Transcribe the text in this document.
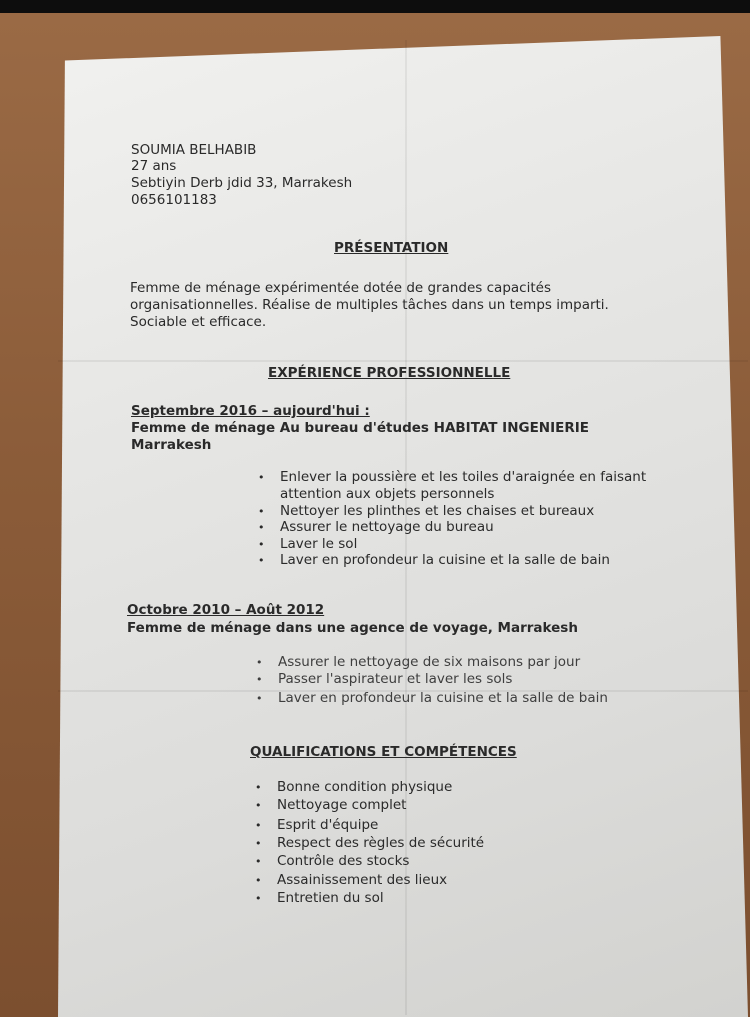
SOUMIA BELHABIB
27 ans
Sebtiyin Derb jdid 33, Marrakesh
0656101183
PRÉSENTATION
Femme de ménage expérimentée dotée de grandes capacités
organisationnelles. Réalise de multiples tâches dans un temps imparti.
Sociable et efficace.
EXPÉRIENCE PROFESSIONNELLE
Septembre 2016 – aujourd'hui :
Femme de ménage Au bureau d'études HABITAT INGENIERIE
Marrakesh
• Enlever la poussière et les toiles d'araignée en faisant
attention aux objets personnels
• Nettoyer les plinthes et les chaises et bureaux
• Assurer le nettoyage du bureau
• Laver le sol
• Laver en profondeur la cuisine et la salle de bain
Octobre 2010 – Août 2012
Femme de ménage dans une agence de voyage, Marrakesh
• Assurer le nettoyage de six maisons par jour
• Passer l'aspirateur et laver les sols
• Laver en profondeur la cuisine et la salle de bain
QUALIFICATIONS ET COMPÉTENCES
• Bonne condition physique
• Nettoyage complet
• Esprit d'équipe
• Respect des règles de sécurité
• Contrôle des stocks
• Assainissement des lieux
• Entretien du sol
